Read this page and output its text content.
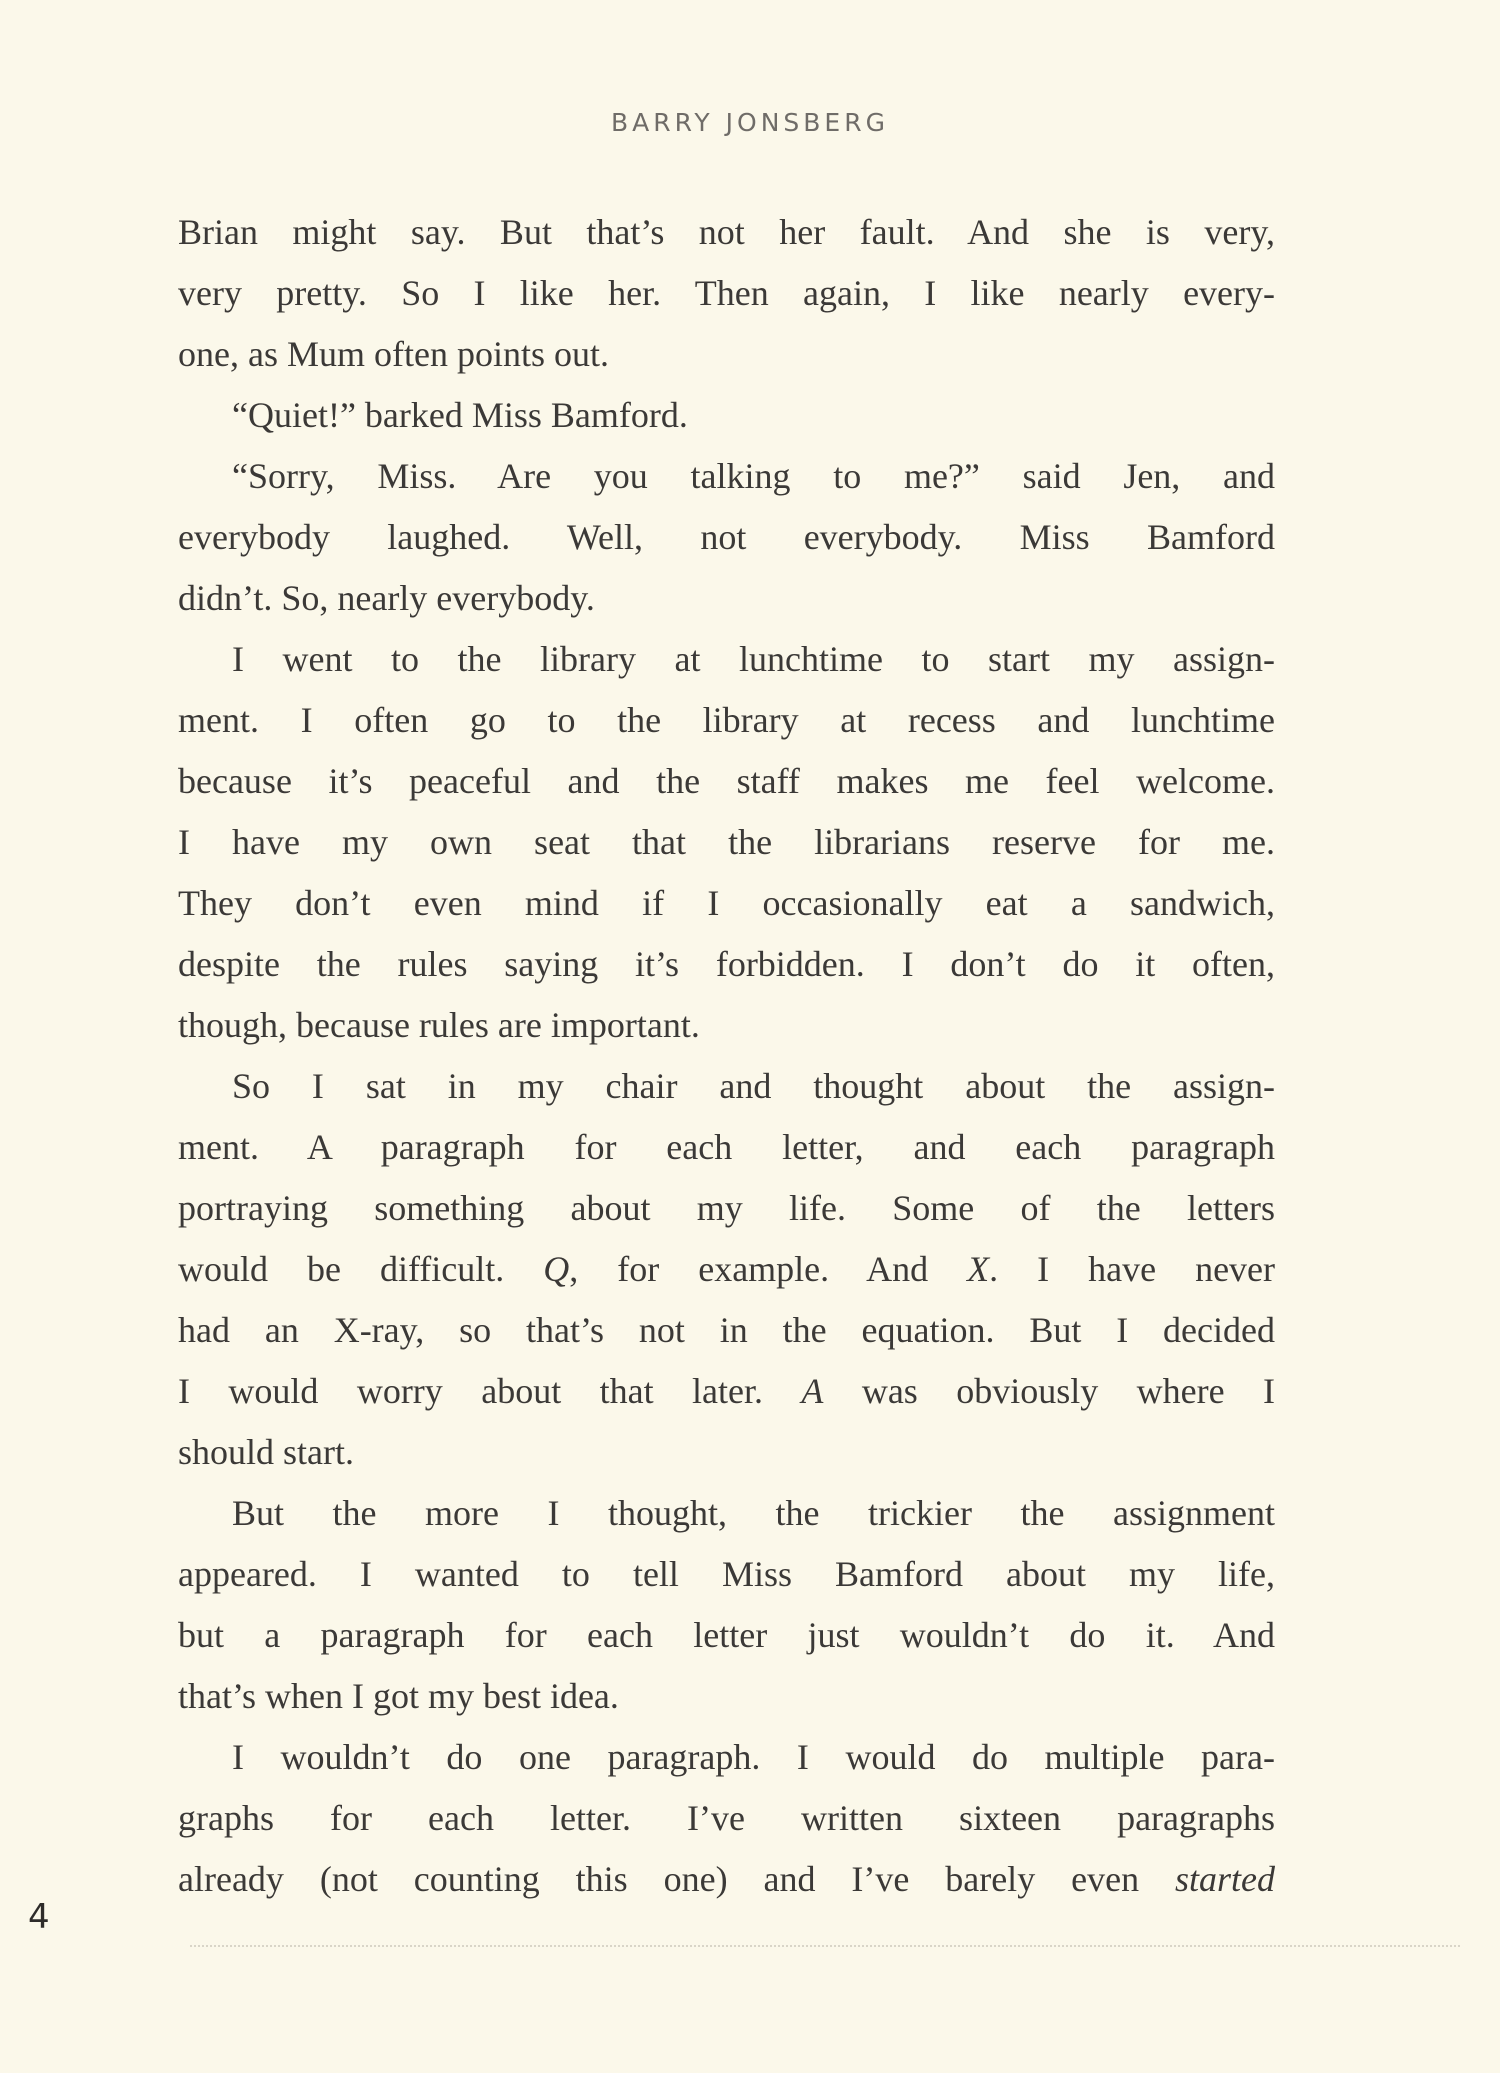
BARRY JONSBERG
Brian might say. But that’s not her fault. And she is very,
very pretty. So I like her. Then again, I like nearly every-
one, as Mum often points out.
“Quiet!” barked Miss Bamford.
“Sorry, Miss. Are you talking to me?” said Jen, and
everybody laughed. Well, not everybody. Miss Bamford
didn’t. So, nearly everybody.
I went to the library at lunchtime to start my assign-
ment. I often go to the library at recess and lunchtime
because it’s peaceful and the staff makes me feel welcome.
I have my own seat that the librarians reserve for me.
They don’t even mind if I occasionally eat a sandwich,
despite the rules saying it’s forbidden. I don’t do it often,
though, because rules are important.
So I sat in my chair and thought about the assign-
ment. A paragraph for each letter, and each paragraph
portraying something about my life. Some of the letters
would be difficult. Q, for example. And X. I have never
had an X-ray, so that’s not in the equation. But I decided
I would worry about that later. A was obviously where I
should start.
But the more I thought, the trickier the assignment
appeared. I wanted to tell Miss Bamford about my life,
but a paragraph for each letter just wouldn’t do it. And
that’s when I got my best idea.
I wouldn’t do one paragraph. I would do multiple para-
graphs for each letter. I’ve written sixteen paragraphs
already (not counting this one) and I’ve barely even started
4
